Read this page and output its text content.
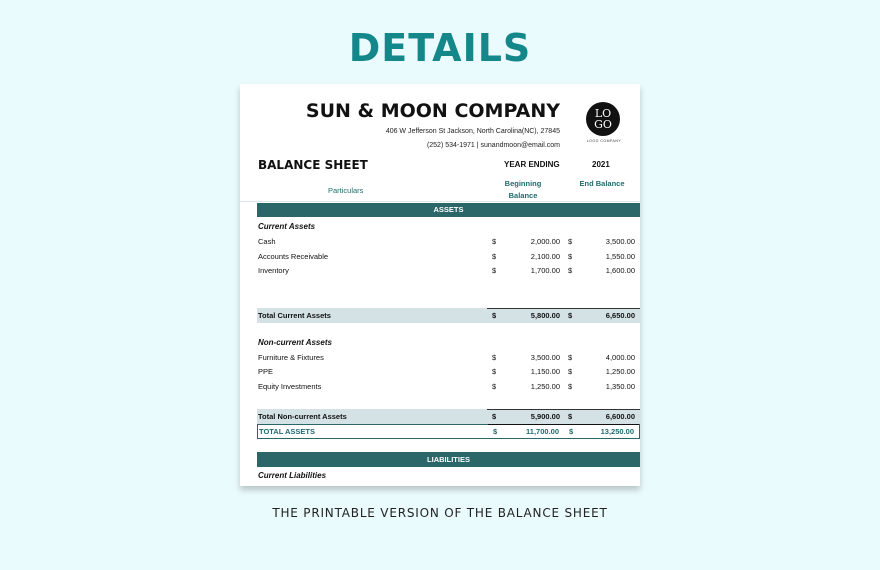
DETAILS
SUN & MOON COMPANY
406 W Jefferson St Jackson, North Carolina(NC), 27845
(252) 534-1971 | sunandmoon@email.com
LO
GO
LOGO COMPANY
BALANCE SHEET	YEAR ENDING	2021
Particulars
Beginning Balance
End Balance
ASSETS
Current Assets
Cash	$	2,000.00 $	3,500.00
Accounts Receivable	$	2,100.00 $	1,550.00
Inventory	$	1,700.00 $	1,600.00
Total Current Assets	$	5,800.00 $	6,650.00
Non-current Assets
Furniture & Fixtures	$	3,500.00 $	4,000.00
PPE	$	1,150.00 $	1,250.00
Equity Investments	$	1,250.00 $	1,350.00
Total Non-current Assets	$	5,900.00 $	6,600.00
TOTAL ASSETS	$	11,700.00 $	13,250.00
LIABILITIES
Current Liabilities
THE PRINTABLE VERSION OF THE BALANCE SHEET
